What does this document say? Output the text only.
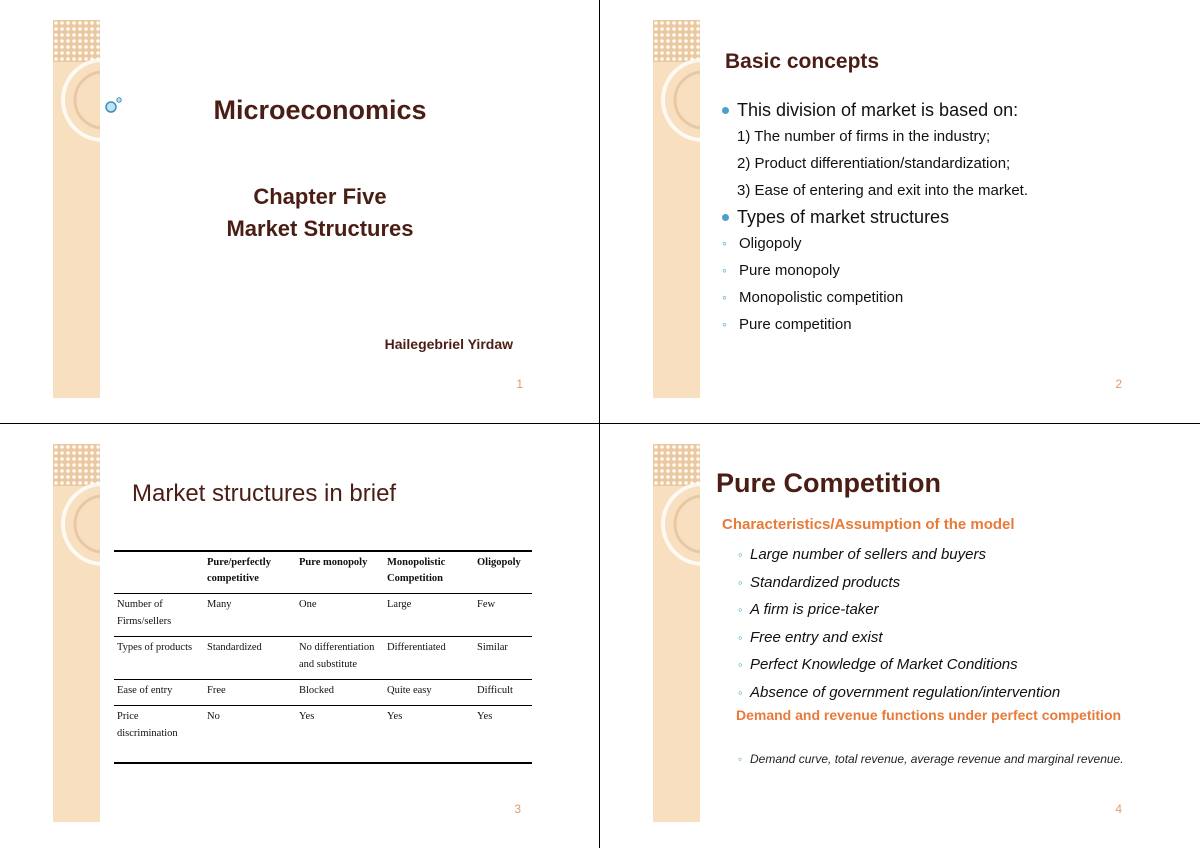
Microeconomics
Chapter Five
Market Structures
Hailegebriel Yirdaw
1
Basic concepts
This division of market is based on:
1) The number of firms in the industry;
2) Product differentiation/standardization;
3) Ease of entering and exit into the market.
Types of market structures
◦ Oligopoly
◦ Pure monopoly
◦ Monopolistic competition
◦ Pure competition
2
Market structures in brief
	Pure/perfectly competitive	Pure monopoly	Monopolistic Competition	Oligopoly
Number of Firms/sellers	Many	One	Large	Few
Types of products	Standardized	No differentiation and substitute	Differentiated	Similar
Ease of entry	Free	Blocked	Quite easy	Difficult
Price discrimination	No	Yes	Yes	Yes
3
Pure Competition
Characteristics/Assumption of the model
◦ Large number of sellers and buyers
◦ Standardized products
◦ A firm is price-taker
◦ Free entry and exist
◦ Perfect Knowledge of Market Conditions
◦ Absence of government regulation/intervention
Demand and revenue functions under perfect competition
◦ Demand curve, total revenue, average revenue and marginal revenue.
4
